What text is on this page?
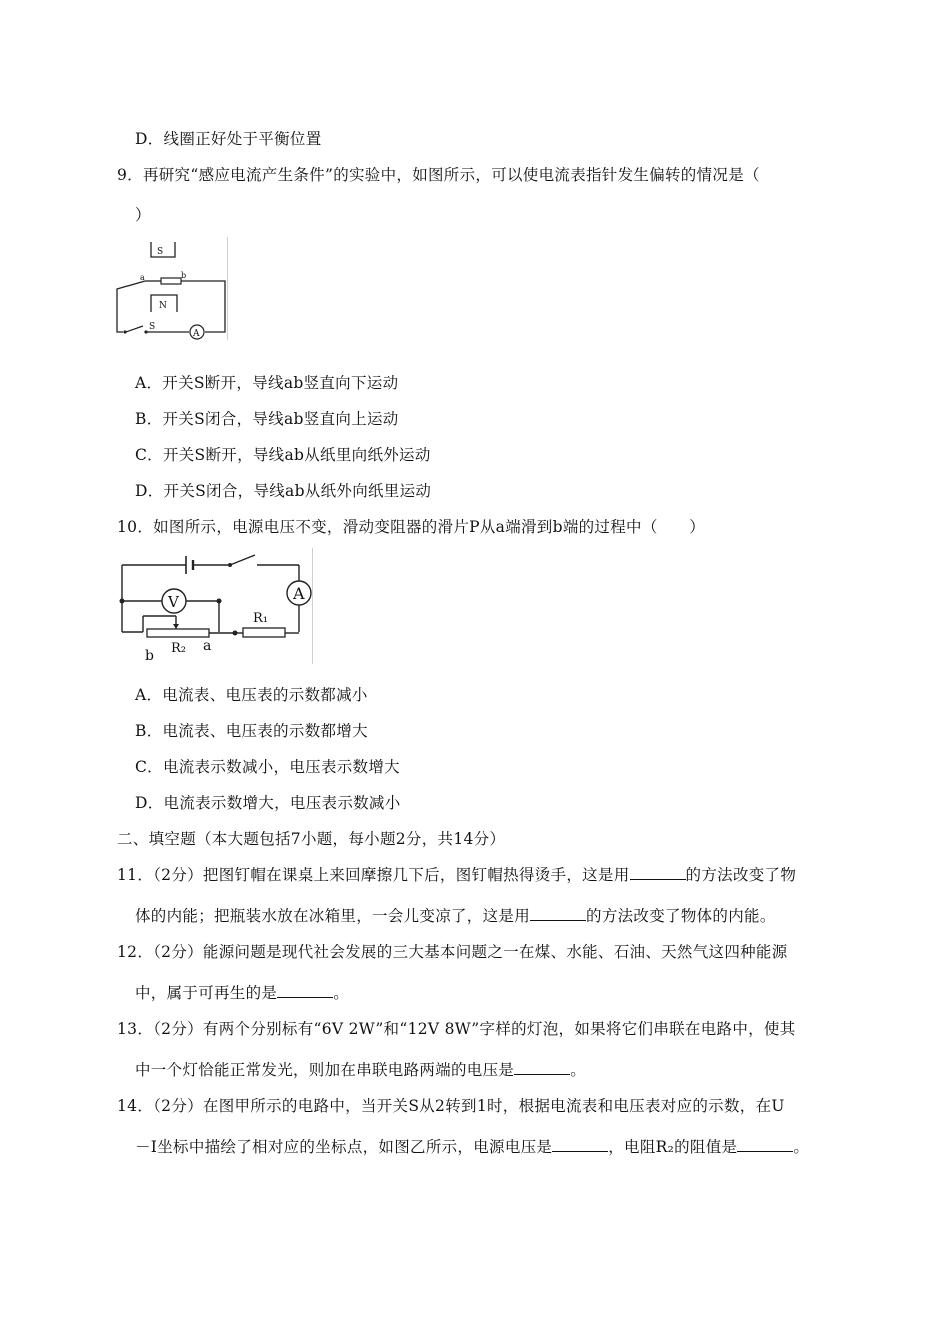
D．线圈正好处于平衡位置
9．再研究“感应电流产生条件”的实验中，如图所示，可以使电流表指针发生偏转的情况是（
）
S
a	b
N
S
A
A．开关S断开，导线ab竖直向下运动
B．开关S闭合，导线ab竖直向上运动
C．开关S断开，导线ab从纸里向纸外运动
D．开关S闭合，导线ab从纸外向纸里运动
10．如图所示，电源电压不变，滑动变阻器的滑片P从a端滑到b端的过程中（　　）
A
V
R₁
R₂ a
b
A．电流表、电压表的示数都减小
B．电流表、电压表的示数都增大
C．电流表示数减小，电压表示数增大
D．电流表示数增大，电压表示数减小
二、填空题（本大题包括7小题，每小题2分，共14分）
11．（2分）把图钉帽在课桌上来回摩擦几下后，图钉帽热得烫手，这是用	的方法改变了物
体的内能；把瓶装水放在冰箱里，一会儿变凉了，这是用	的方法改变了物体的内能。
12．（2分）能源问题是现代社会发展的三大基本问题之一在煤、水能、石油、天然气这四种能源
中，属于可再生的是	。
13．（2分）有两个分别标有“6V 2W”和“12V 8W”字样的灯泡，如果将它们串联在电路中，使其
中一个灯恰能正常发光，则加在串联电路两端的电压是	。
14．（2分）在图甲所示的电路中，当开关S从2转到1时，根据电流表和电压表对应的示数，在U
－I坐标中描绘了相对应的坐标点，如图乙所示，电源电压是	，电阻R₂的阻值是	。
